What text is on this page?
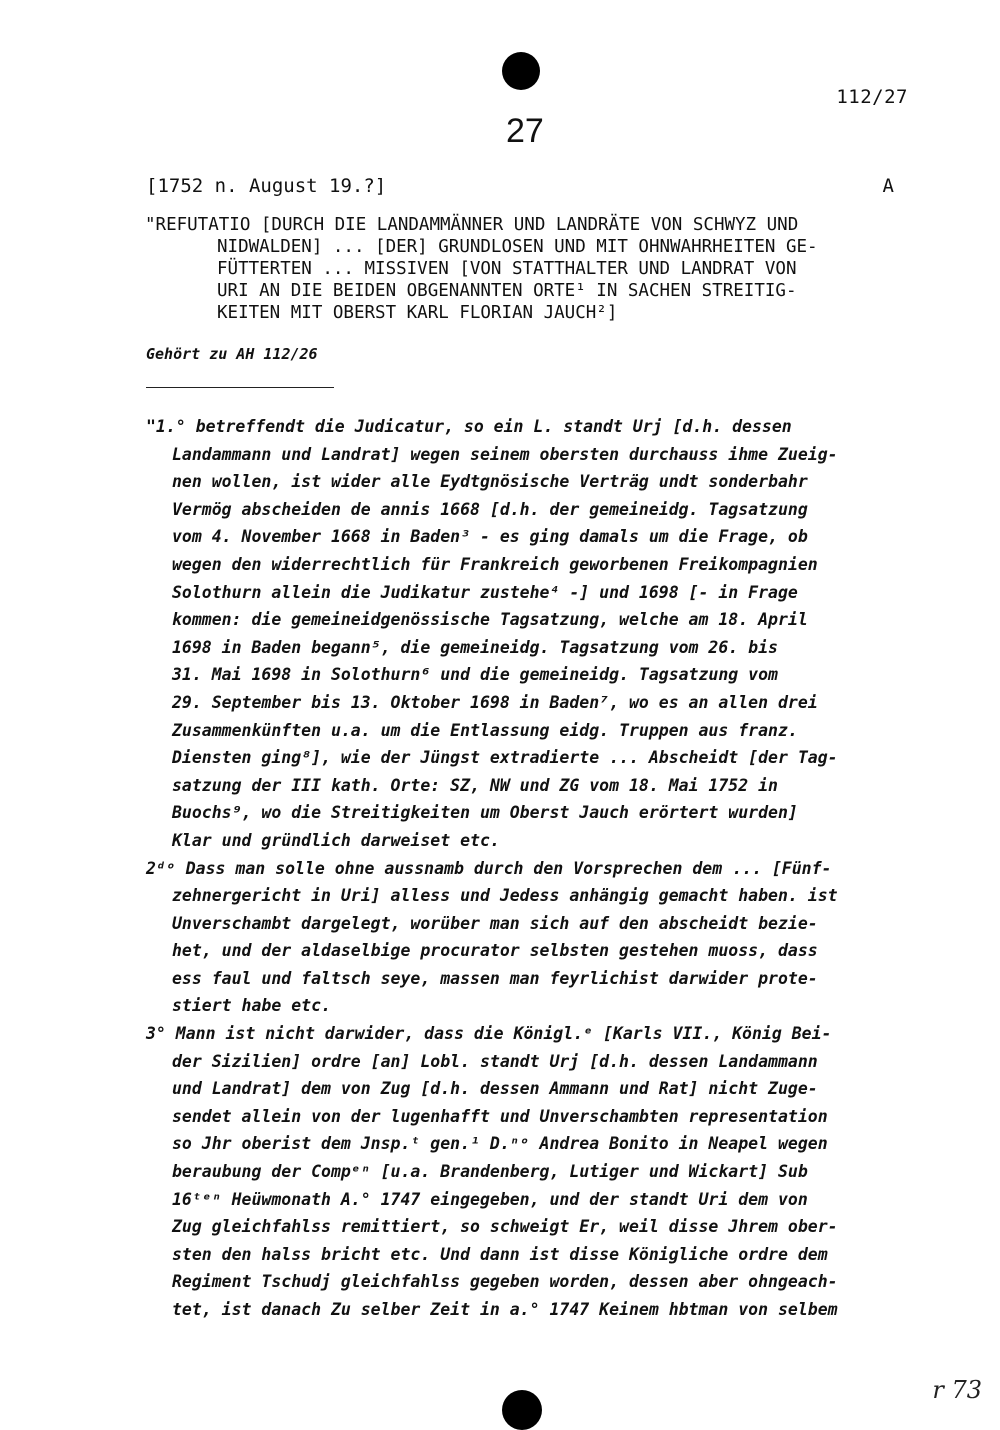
112/27
27
[1752 n. August 19.?]	A
"REFUTATIO [DURCH DIE LANDAMMÄNNER UND LANDRÄTE VON SCHWYZ UND
NIDWALDEN] ... [DER] GRUNDLOSEN UND MIT OHNWAHRHEITEN GE-
FÜTTERTEN ... MISSIVEN [VON STATTHALTER UND LANDRAT VON
URI AN DIE BEIDEN OBGENANNTEN ORTE¹ IN SACHEN STREITIG-
KEITEN MIT OBERST KARL FLORIAN JAUCH²]
Gehört zu AH 112/26
"1.° betreffendt die Judicatur, so ein L. standt Urj [d.h. dessen
Landammann und Landrat] wegen seinem obersten durchauss ihme Zueig-
nen wollen, ist wider alle Eydtgnösische Verträg undt sonderbahr
Vermög abscheiden de annis 1668 [d.h. der gemeineidg. Tagsatzung
vom 4. November 1668 in Baden³ - es ging damals um die Frage, ob
wegen den widerrechtlich für Frankreich geworbenen Freikompagnien
Solothurn allein die Judikatur zustehe⁴ -] und 1698 [- in Frage
kommen: die gemeineidgenössische Tagsatzung, welche am 18. April
1698 in Baden begann⁵, die gemeineidg. Tagsatzung vom 26. bis
31. Mai 1698 in Solothurn⁶ und die gemeineidg. Tagsatzung vom
29. September bis 13. Oktober 1698 in Baden⁷, wo es an allen drei
Zusammenkünften u.a. um die Entlassung eidg. Truppen aus franz.
Diensten ging⁸], wie der Jüngst extradierte ... Abscheidt [der Tag-
satzung der III kath. Orte: SZ, NW und ZG vom 18. Mai 1752 in
Buochs⁹, wo die Streitigkeiten um Oberst Jauch erörtert wurden]
Klar und gründlich darweiset etc.
2ᵈᵒ Dass man solle ohne aussnamb durch den Vorsprechen dem ... [Fünf-
zehnergericht in Uri] alless und Jedess anhängig gemacht haben. ist
Unverschambt dargelegt, worüber man sich auf den abscheidt bezie-
het, und der aldaselbige procurator selbsten gestehen muoss, dass
ess faul und faltsch seye, massen man feyrlichist darwider prote-
stiert habe etc.
3° Mann ist nicht darwider, dass die Königl.ᵉ [Karls VII., König Bei-
der Sizilien] ordre [an] Lobl. standt Urj [d.h. dessen Landammann
und Landrat] dem von Zug [d.h. dessen Ammann und Rat] nicht Zuge-
sendet allein von der lugenhafft und Unverschambten representation
so Jhr oberist dem Jnsp.ᵗ gen.¹ D.ⁿᵒ Andrea Bonito in Neapel wegen
beraubung der Compᵉⁿ [u.a. Brandenberg, Lutiger und Wickart] Sub
16ᵗᵉⁿ Heüwmonath A.° 1747 eingegeben, und der standt Uri dem von
Zug gleichfahlss remittiert, so schweigt Er, weil disse Jhrem ober-
sten den halss bricht etc. Und dann ist disse Königliche ordre dem
Regiment Tschudj gleichfahlss gegeben worden, dessen aber ohngeach-
tet, ist danach Zu selber Zeit in a.° 1747 Keinem hbtman von selbem
r 73
